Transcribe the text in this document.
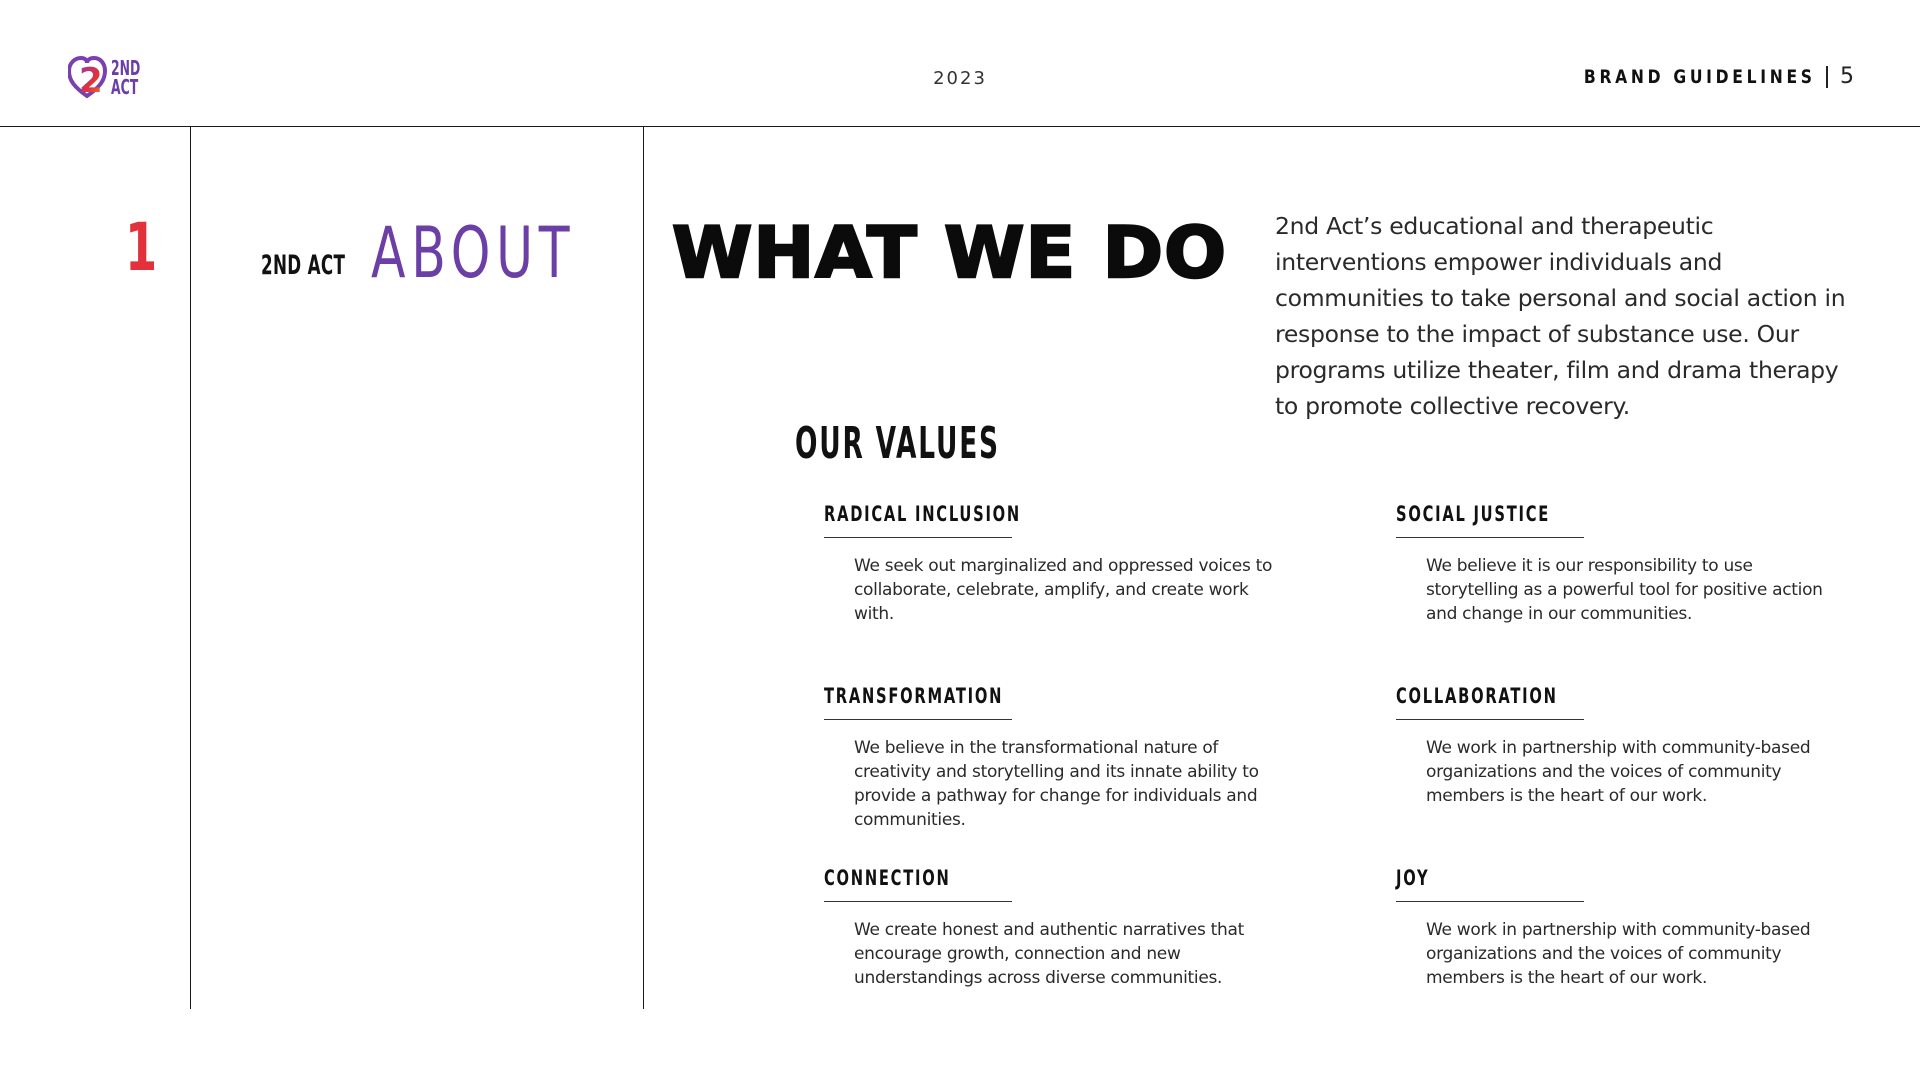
2 2ND
ACT	2023	BRAND GUIDELINES 5
1	2ND ACT ABOUT WHAT WE DO 2nd Act’s educational and therapeutic interventions empower individuals and communities to take personal and social action in response to the impact of substance use. Our programs utilize theater, film and drama therapy to promote collective recovery.
OUR VALUES
RADICAL INCLUSION
We seek out marginalized and oppressed voices to collaborate, celebrate, amplify, and create work with.
SOCIAL JUSTICE
We believe it is our responsibility to use storytelling as a powerful tool for positive action and change in our communities.
TRANSFORMATION
We believe in the transformational nature of creativity and storytelling and its innate ability to provide a pathway for change for individuals and communities.
COLLABORATION
We work in partnership with community-based organizations and the voices of community members is the heart of our work.
CONNECTION
We create honest and authentic narratives that encourage growth, connection and new understandings across diverse communities.
JOY
We work in partnership with community-based organizations and the voices of community members is the heart of our work.
